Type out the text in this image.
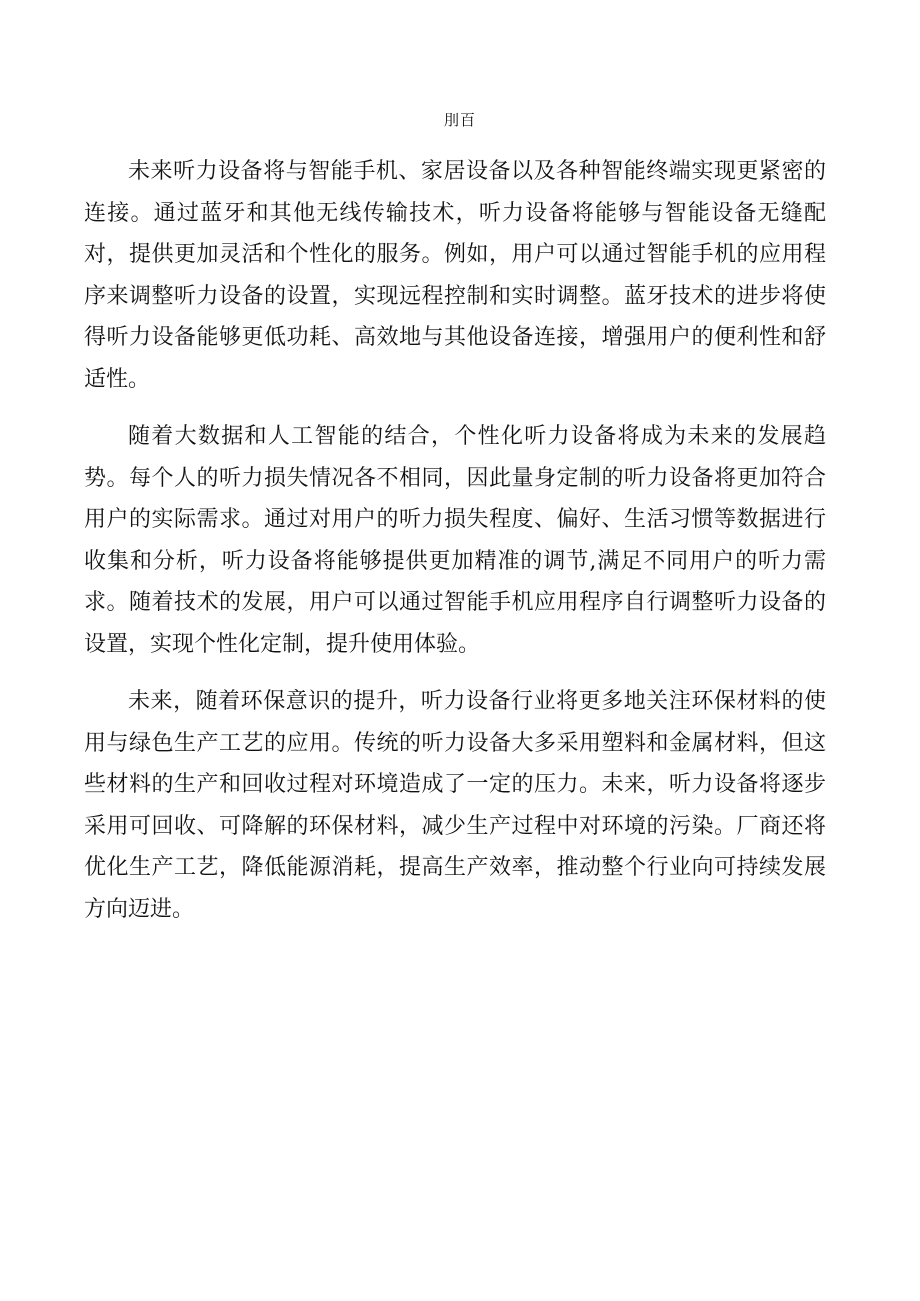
刖百

未来听力设备将与智能手机、家居设备以及各种智能终端实现更紧密的连接。通过蓝牙和其他无线传输技术，听力设备将能够与智能设备无缝配对，提供更加灵活和个性化的服务。例如，用户可以通过智能手机的应用程序来调整听力设备的设置，实现远程控制和实时调整。蓝牙技术的进步将使得听力设备能够更低功耗、高效地与其他设备连接，增强用户的便利性和舒适性。

随着大数据和人工智能的结合，个性化听力设备将成为未来的发展趋势。每个人的听力损失情况各不相同，因此量身定制的听力设备将更加符合用户的实际需求。通过对用户的听力损失程度、偏好、生活习惯等数据进行收集和分析，听力设备将能够提供更加精准的调节,满足不同用户的听力需求。随着技术的发展，用户可以通过智能手机应用程序自行调整听力设备的设置，实现个性化定制，提升使用体验。

未来，随着环保意识的提升，听力设备行业将更多地关注环保材料的使用与绿色生产工艺的应用。传统的听力设备大多采用塑料和金属材料，但这些材料的生产和回收过程对环境造成了一定的压力。未来，听力设备将逐步采用可回收、可降解的环保材料，减少生产过程中对环境的污染。厂商还将优化生产工艺，降低能源消耗，提高生产效率，推动整个行业向可持续发展方向迈进。
